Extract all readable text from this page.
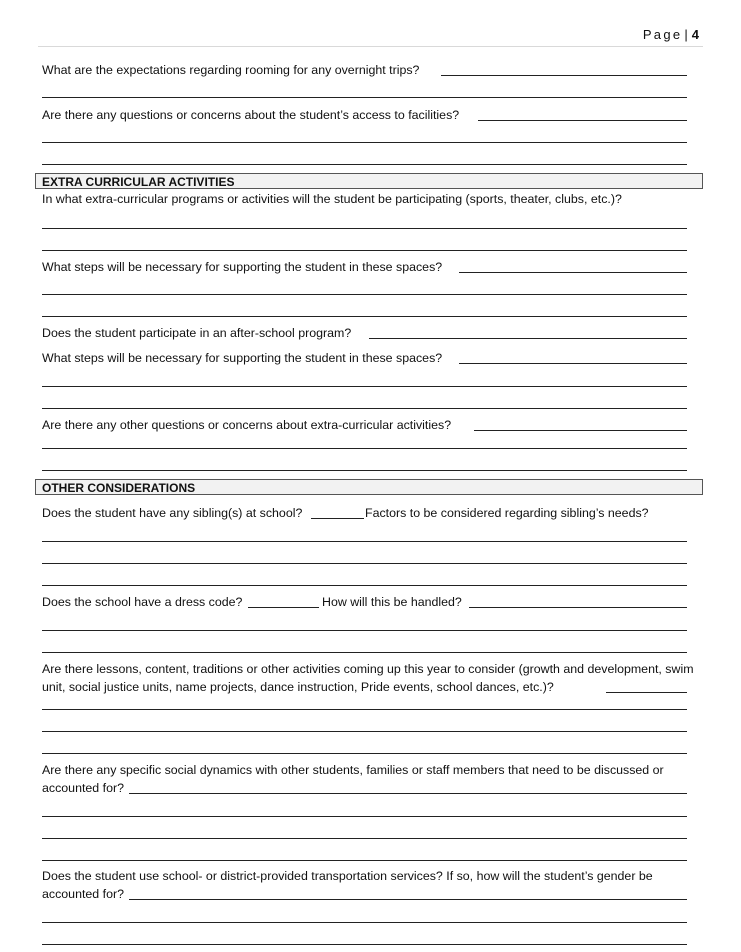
Page | 4
What are the expectations regarding rooming for any overnight trips?
Are there any questions or concerns about the student’s access to facilities?
EXTRA CURRICULAR ACTIVITIES
In what extra-curricular programs or activities will the student be participating (sports, theater, clubs, etc.)?
What steps will be necessary for supporting the student in these spaces?
Does the student participate in an after-school program?
What steps will be necessary for supporting the student in these spaces?
Are there any other questions or concerns about extra-curricular activities?
OTHER CONSIDERATIONS
Does the student have any sibling(s) at school?	Factors to be considered regarding sibling’s needs?
Does the school have a dress code?	How will this be handled?
Are there lessons, content, traditions or other activities coming up this year to consider (growth and development, swim unit, social justice units, name projects, dance instruction, Pride events, school dances, etc.)?
Are there any specific social dynamics with other students, families or staff members that need to be discussed or accounted for?
Does the student use school- or district-provided transportation services? If so, how will the student’s gender be accounted for?
